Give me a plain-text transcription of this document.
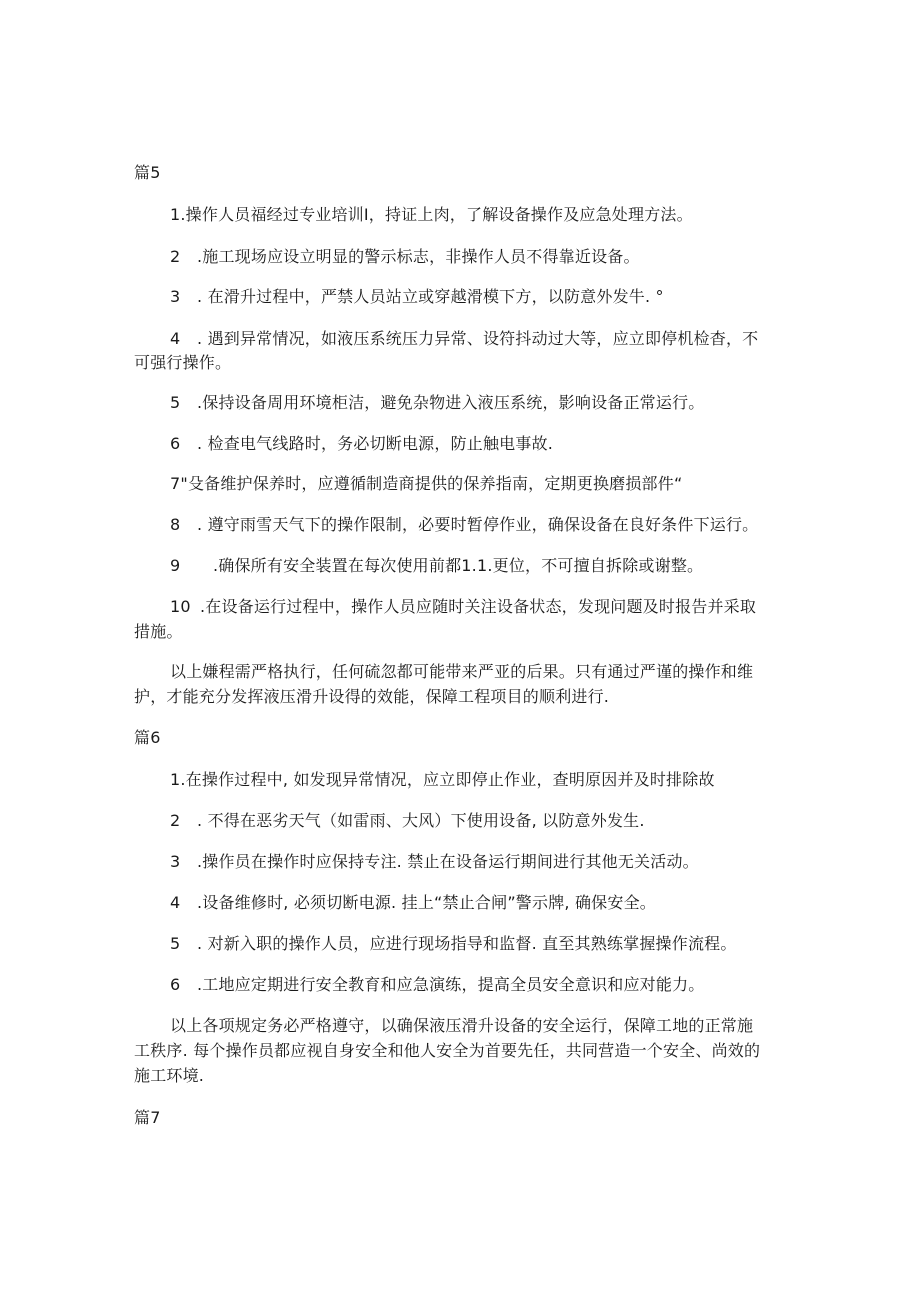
篇5
1.操作人员福经过专业培训I，持证上肉，了解设备操作及应急处理方法。
2 .施工现场应设立明显的警示标志，非操作人员不得靠近设备。
3 . 在滑升过程中，严禁人员站立或穿越滑模下方，以防意外发牛. °
4 . 遇到异常情况，如液压系统压力异常、设符抖动过大等，应立即停机检杳，不
可强行操作。
5 .保持设备周用环境柜洁，避免杂物进入液压系统，影响设备正常运行。
6 . 检查电气线路时，务必切断电源，防止触电事故.
7"殳备维护保养时，应遵循制造商提供的保养指南，定期更换磨损部件“
8 . 遵守雨雪天气下的操作限制，必要时暂停作业，确保设备在良好条件下运行。
9 .确保所有安全装置在每次使用前都1.1.更位，不可擅自拆除或谢整。
10 .在设备运行过程中，操作人员应随时关注设备状态，发现问题及时报告并采取
措施。
以上嫌程需严格执行，任何硫忽都可能带来严亚的后果。只有通过严谨的操作和维
护，才能充分发挥液压滑升设得的效能，保障工程项目的顺利进行.
篇6
1.在操作过程中, 如发现异常情况，应立即停止作业，查明原因并及时排除故
2 . 不得在恶劣天气（如雷雨、大风）下使用设备, 以防意外发生.
3 .操作员在操作时应保持专注. 禁止在设备运行期间进行其他无关活动。
4 .设备维修时, 必须切断电源. 挂上“禁止合闸”警示牌, 确保安全。
5 . 对新入职的操作人员，应进行现场指导和监督. 直至其熟练掌握操作流程。
6 .工地应定期进行安全教育和应急演练，提高全员安全意识和应对能力。
以上各项规定务必严格遵守，以确保液压滑升设备的安全运行，保障工地的正常施
工秩序. 每个操作员都应视自身安全和他人安全为首要先任，共同营造一个安全、尚效的
施工环境.
篇7
